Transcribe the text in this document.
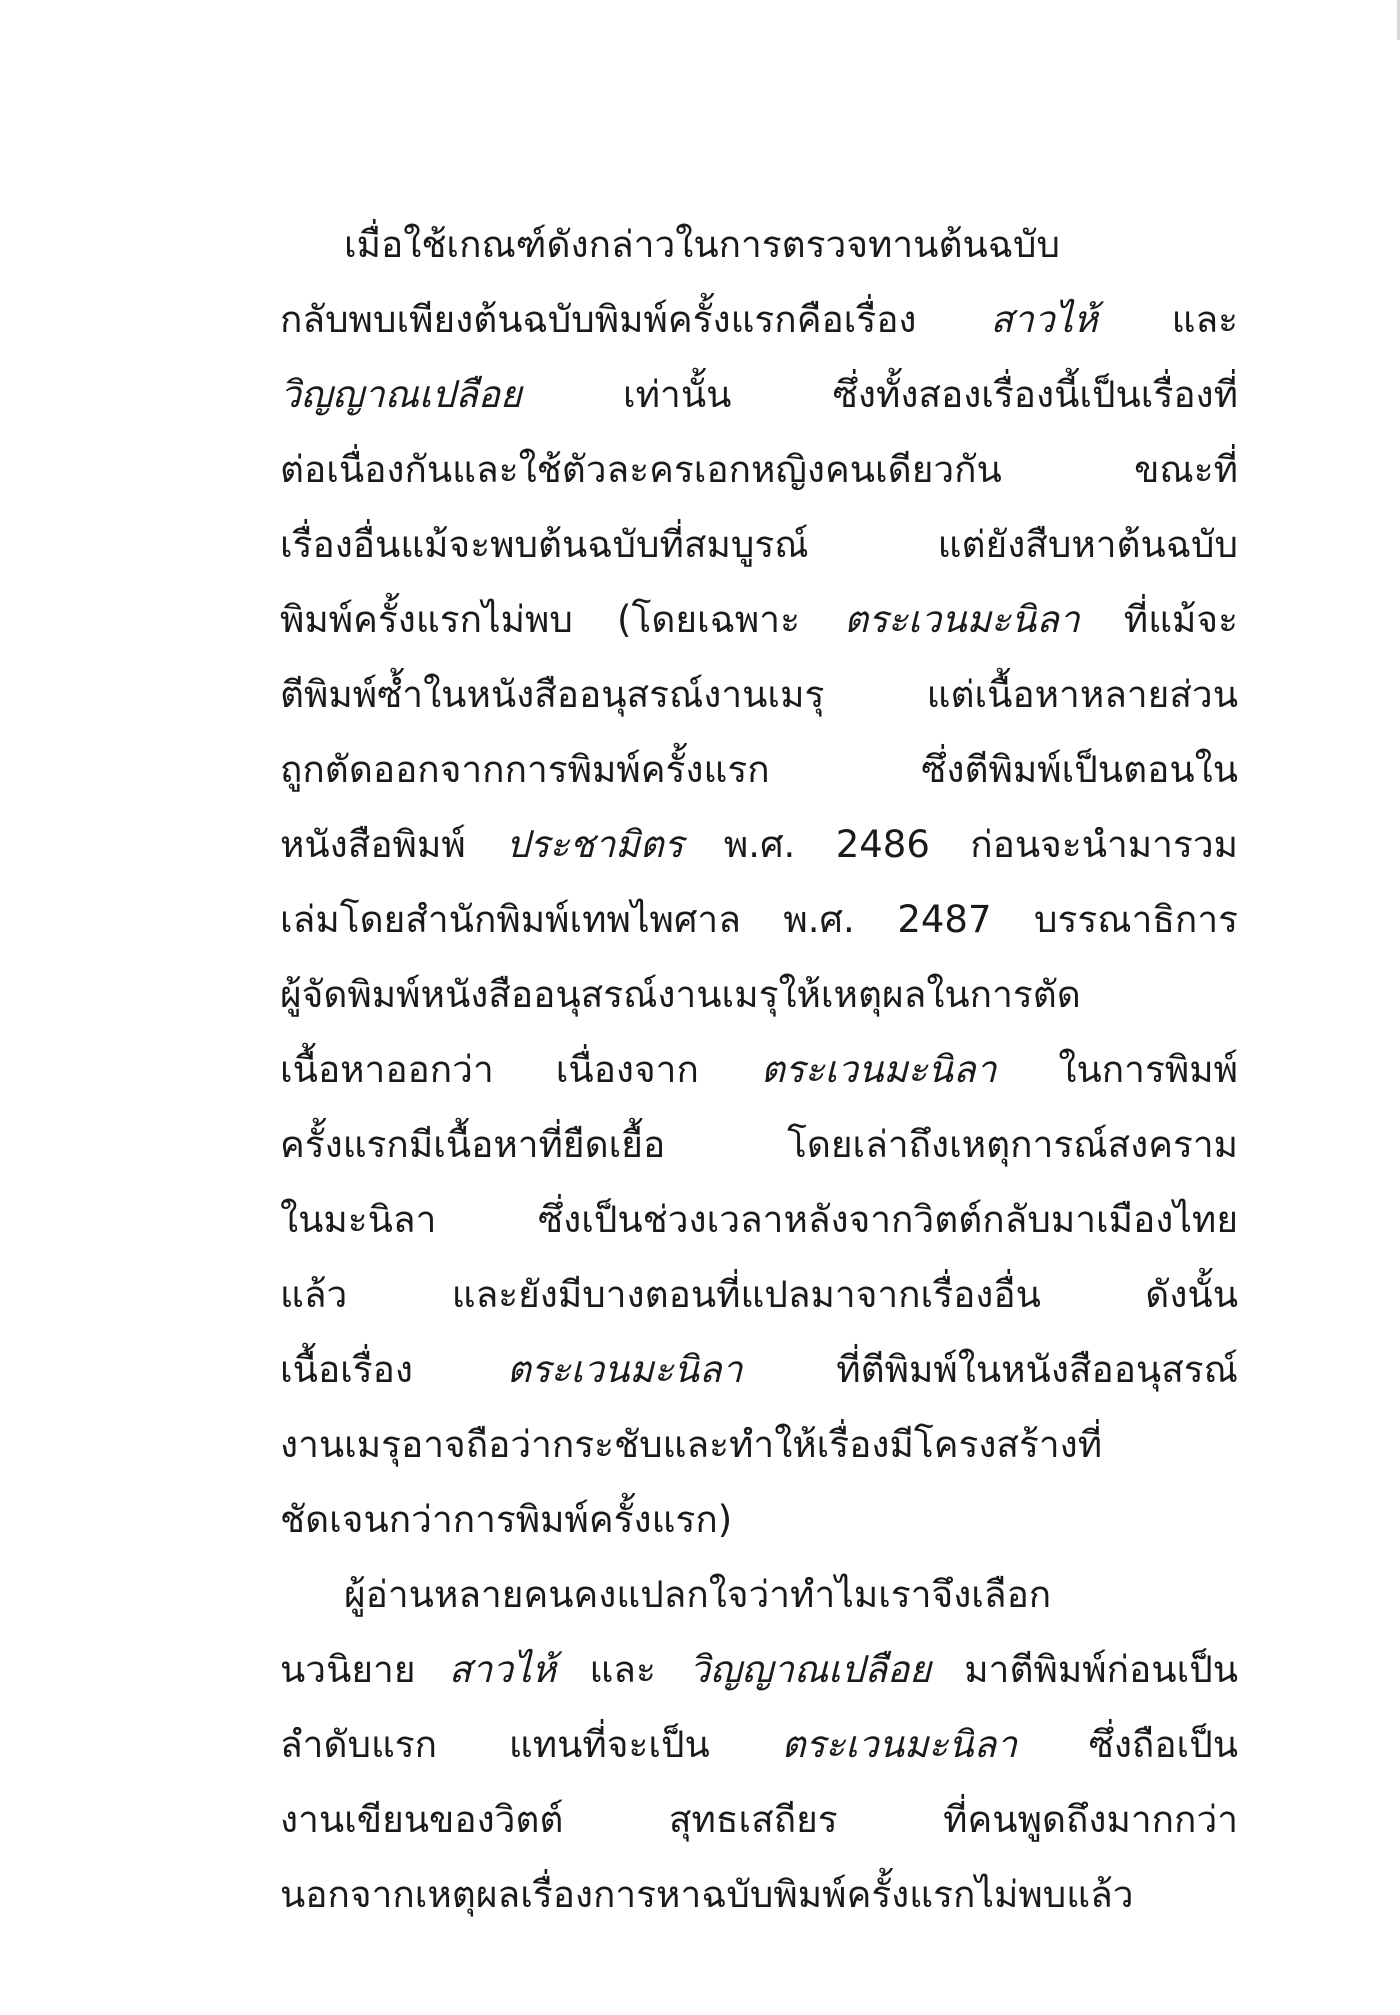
เมื่อใช้เกณฑ์ดังกล่าวในการตรวจทานต้นฉบับ
กลับพบเพียงต้นฉบับพิมพ์ครั้งแรกคือเรื่อง สาวไห้ และ
วิญญาณเปลือย เท่านั้น ซึ่งทั้งสองเรื่องนี้เป็นเรื่องที่
ต่อเนื่องกันและใช้ตัวละครเอกหญิงคนเดียวกัน ขณะที่
เรื่องอื่นแม้จะพบต้นฉบับที่สมบูรณ์ แต่ยังสืบหาต้นฉบับ
พิมพ์ครั้งแรกไม่พบ (โดยเฉพาะ ตระเวนมะนิลา ที่แม้จะ
ตีพิมพ์ซ้ำในหนังสืออนุสรณ์งานเมรุ แต่เนื้อหาหลายส่วน
ถูกตัดออกจากการพิมพ์ครั้งแรก ซึ่งตีพิมพ์เป็นตอนใน
หนังสือพิมพ์ ประชามิตร พ.ศ. 2486 ก่อนจะนำมารวม
เล่มโดยสำนักพิมพ์เทพไพศาล พ.ศ. 2487 บรรณาธิการ
ผู้จัดพิมพ์หนังสืออนุสรณ์งานเมรุให้เหตุผลในการตัด
เนื้อหาออกว่า เนื่องจาก ตระเวนมะนิลา ในการพิมพ์
ครั้งแรกมีเนื้อหาที่ยืดเยื้อ โดยเล่าถึงเหตุการณ์สงคราม
ในมะนิลา ซึ่งเป็นช่วงเวลาหลังจากวิตต์กลับมาเมืองไทย
แล้ว และยังมีบางตอนที่แปลมาจากเรื่องอื่น ดังนั้น
เนื้อเรื่อง ตระเวนมะนิลา ที่ตีพิมพ์ในหนังสืออนุสรณ์
งานเมรุอาจถือว่ากระชับและทำให้เรื่องมีโครงสร้างที่
ชัดเจนกว่าการพิมพ์ครั้งแรก)
ผู้อ่านหลายคนคงแปลกใจว่าทำไมเราจึงเลือก
นวนิยาย สาวไห้ และ วิญญาณเปลือย มาตีพิมพ์ก่อนเป็น
ลำดับแรก แทนที่จะเป็น ตระเวนมะนิลา ซึ่งถือเป็น
งานเขียนของวิตต์ สุทธเสถียร ที่คนพูดถึงมากกว่า
นอกจากเหตุผลเรื่องการหาฉบับพิมพ์ครั้งแรกไม่พบแล้ว
